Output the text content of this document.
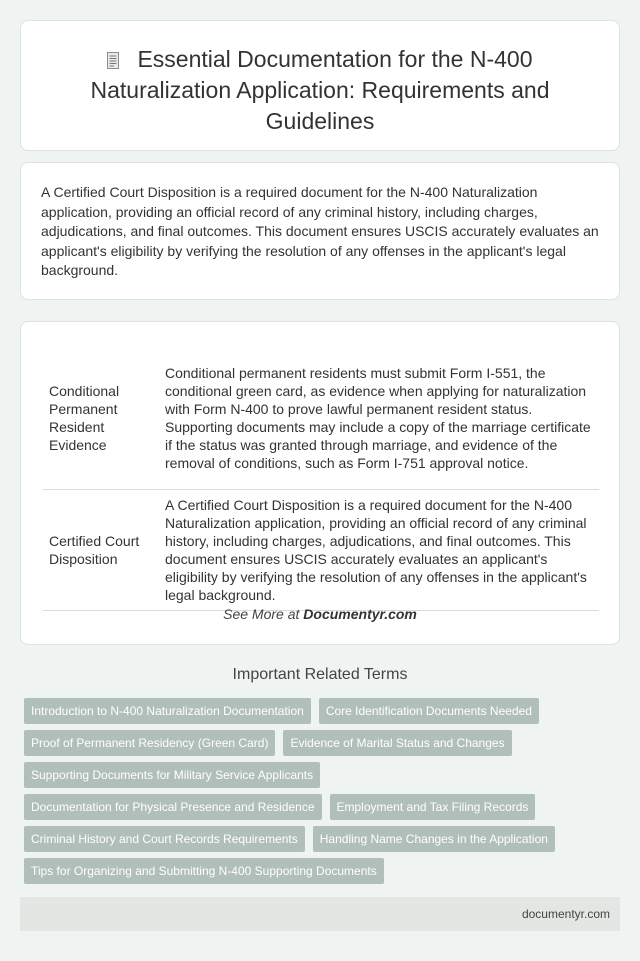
Essential Documentation for the N-400 Naturalization Application: Requirements and Guidelines

A Certified Court Disposition is a required document for the N-400 Naturalization application, providing an official record of any criminal history, including charges, adjudications, and final outcomes. This document ensures USCIS accurately evaluates an applicant's eligibility by verifying the resolution of any offenses in the applicant's legal background.

Conditional Permanent Resident Evidence		Conditional permanent residents must submit Form I-551, the conditional green card, as evidence when applying for naturalization with Form N-400 to prove lawful permanent resident status. Supporting documents may include a copy of the marriage certificate if the status was granted through marriage, and evidence of the removal of conditions, such as Form I-751 approval notice.
Certified Court Disposition		A Certified Court Disposition is a required document for the N-400 Naturalization application, providing an official record of any criminal history, including charges, adjudications, and final outcomes. This document ensures USCIS accurately evaluates an applicant's eligibility by verifying the resolution of any offenses in the applicant's legal background.
See More at Documentyr.com
Important Related Terms
Introduction to N-400 Naturalization Documentation Core Identification Documents Needed
Proof of Permanent Residency (Green Card) Evidence of Marital Status and Changes
Supporting Documents for Military Service Applicants
Documentation for Physical Presence and Residence Employment and Tax Filing Records
Criminal History and Court Records Requirements Handling Name Changes in the Application
Tips for Organizing and Submitting N-400 Supporting Documents
documentyr.com
